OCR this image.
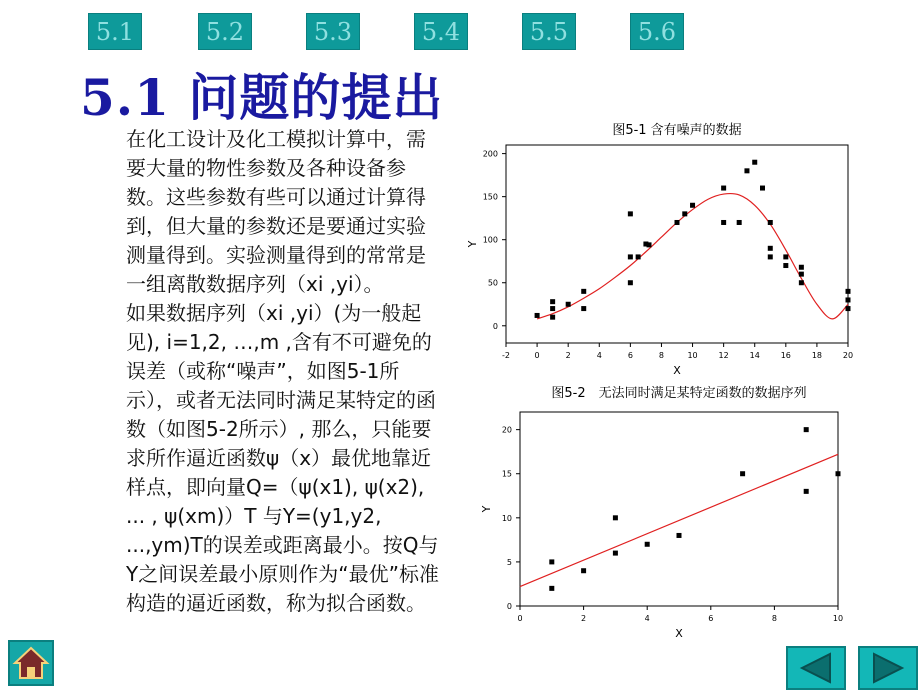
5.1	5.2	5.3	5.4	5.5	5.6
5.1 问题的提出

在化工设计及化工模拟计算中，需要大量的物性参数及各种设备参数。这些参数有些可以通过计算得到，但大量的参数还是要通过实验测量得到。实验测量得到的常常是一组离散数据序列（xi ,yi）。

如果数据序列（xi ,yi）(为一般起见), i=1,2, …,m ,含有不可避免的误差（或称“噪声”，如图5-1所示），或者无法同时满足某特定的函数（如图5-2所示）, 那么，只能要求所作逼近函数ψ（x）最优地靠近样点，即向量Q=（ψ(x1), ψ(x2), ... , ψ(xm)）T 与Y=(y1,y2, ...,ym)T的误差或距离最小。按Q与Y之间误差最小原则作为“最优”标准构造的逼近函数，称为拟合函数。

图5-1 含有噪声的数据
-2	0	2	4	6	8	10	12	14	16	18	20
0
50
100
150
200
X
Y
图5-2　无法同时满足某特定函数的数据序列
0	2	4	6	8	10
0
5
10
15
20
X
Y
